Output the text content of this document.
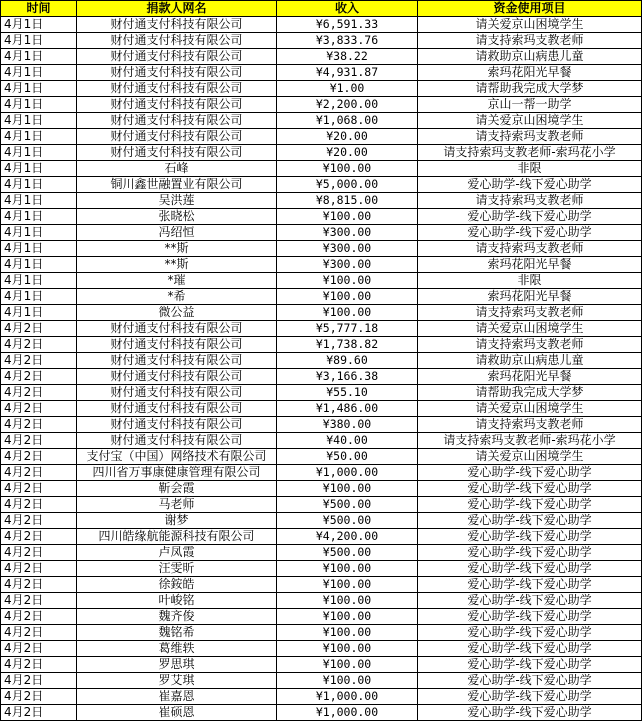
时间	捐款人网名	收入	资金使用项目
4月1日	财付通支付科技有限公司	¥6,591.33	请关爱京山困境学生
4月1日	财付通支付科技有限公司	¥3,833.76	请支持索玛支教老师
4月1日	财付通支付科技有限公司	¥38.22	请救助京山病患儿童
4月1日	财付通支付科技有限公司	¥4,931.87	索玛花阳光早餐
4月1日	财付通支付科技有限公司	¥1.00	请帮助我完成大学梦
4月1日	财付通支付科技有限公司	¥2,200.00	京山一帮一助学
4月1日	财付通支付科技有限公司	¥1,068.00	请关爱京山困境学生
4月1日	财付通支付科技有限公司	¥20.00	请支持索玛支教老师
4月1日	财付通支付科技有限公司	¥20.00	请支持索玛支教老师-索玛花小学
4月1日	石峰	¥100.00	非限
4月1日	铜川鑫世融置业有限公司	¥5,000.00	爱心助学-线下爱心助学
4月1日	吴洪莲	¥8,815.00	请支持索玛支教老师
4月1日	张晓松	¥100.00	爱心助学-线下爱心助学
4月1日	冯绍恒	¥300.00	爱心助学-线下爱心助学
4月1日	**斯	¥300.00	请支持索玛支教老师
4月1日	**斯	¥300.00	索玛花阳光早餐
4月1日	*璀	¥100.00	非限
4月1日	*希	¥100.00	索玛花阳光早餐
4月1日	微公益	¥100.00	请支持索玛支教老师
4月2日	财付通支付科技有限公司	¥5,777.18	请关爱京山困境学生
4月2日	财付通支付科技有限公司	¥1,738.82	请支持索玛支教老师
4月2日	财付通支付科技有限公司	¥89.60	请救助京山病患儿童
4月2日	财付通支付科技有限公司	¥3,166.38	索玛花阳光早餐
4月2日	财付通支付科技有限公司	¥55.10	请帮助我完成大学梦
4月2日	财付通支付科技有限公司	¥1,486.00	请关爱京山困境学生
4月2日	财付通支付科技有限公司	¥380.00	请支持索玛支教老师
4月2日	财付通支付科技有限公司	¥40.00	请支持索玛支教老师-索玛花小学
4月2日	支付宝（中国）网络技术有限公司	¥50.00	请关爱京山困境学生
4月2日	四川省万事康健康管理有限公司	¥1,000.00	爱心助学-线下爱心助学
4月2日	靳会霞	¥100.00	爱心助学-线下爱心助学
4月2日	马老师	¥500.00	爱心助学-线下爱心助学
4月2日	谢梦	¥500.00	爱心助学-线下爱心助学
4月2日	四川皓缘航能源科技有限公司	¥4,200.00	爱心助学-线下爱心助学
4月2日	卢凤霞	¥500.00	爱心助学-线下爱心助学
4月2日	汪雯昕	¥100.00	爱心助学-线下爱心助学
4月2日	徐銨皓	¥100.00	爱心助学-线下爱心助学
4月2日	叶峻铭	¥100.00	爱心助学-线下爱心助学
4月2日	魏齐俊	¥100.00	爱心助学-线下爱心助学
4月2日	魏铭希	¥100.00	爱心助学-线下爱心助学
4月2日	葛维轶	¥100.00	爱心助学-线下爱心助学
4月2日	罗思琪	¥100.00	爱心助学-线下爱心助学
4月2日	罗艾琪	¥100.00	爱心助学-线下爱心助学
4月2日	崔嘉恩	¥1,000.00	爱心助学-线下爱心助学
4月2日	崔硕恩	¥1,000.00	爱心助学-线下爱心助学
